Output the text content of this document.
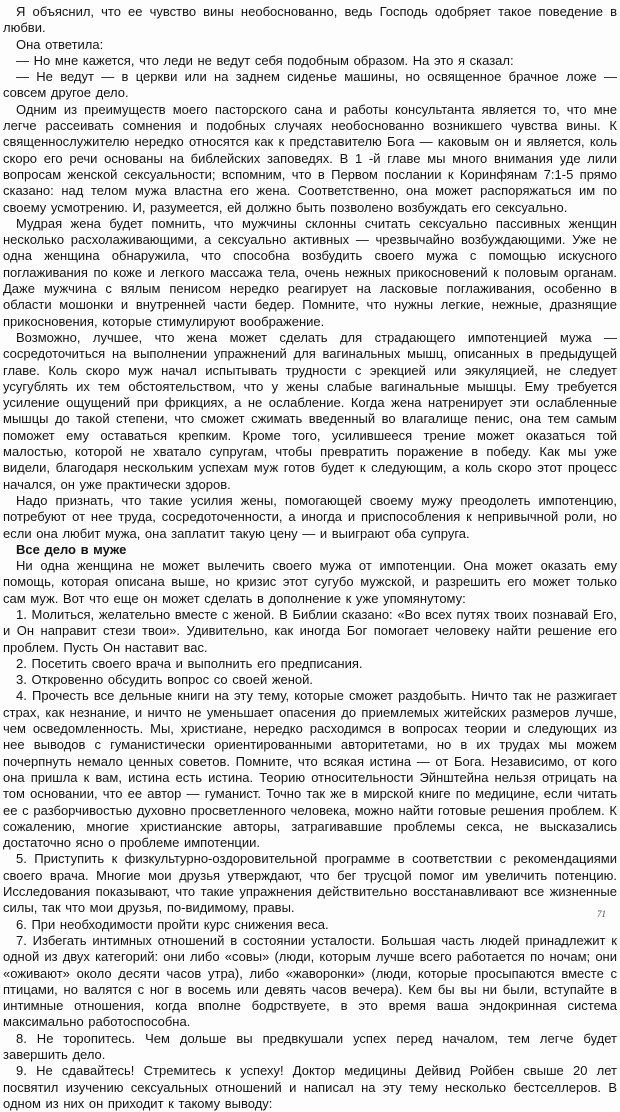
Я объяснил, что ее чувство вины необоснованно, ведь Господь одобряет такое поведение в любви.

Она ответила:

— Но мне кажется, что леди не ведут себя подобным образом. На это я сказал:

— Не ведут — в церкви или на заднем сиденье машины, но освященное брачное ложе — совсем другое дело.

Одним из преимуществ моего пасторского сана и работы консультанта является то, что мне легче рассеивать сомнения и подобных случаях необоснованно возникшего чувства вины. К священнослужителю нередко относятся как к представителю Бога — каковым он и является, коль скоро его речи основаны на библейских заповедях. В 1 -й главе мы много внимания уде лили вопросам женской сексуальности; вспомним, что в Первом послании к Коринфянам 7:1-5 прямо сказано: над телом мужа властна его жена. Соответственно, она может распоряжаться им по своему усмотрению. И, разумеется, ей должно быть позволено возбуждать его сексуально.

Мудрая жена будет помнить, что мужчины склонны считать сексуально пассивных женщин несколько расхолаживающими, а сексуально активных — чрезвычайно возбуждающими. Уже не одна женщина обнаружила, что способна возбудить своего мужа с помощью искусного поглаживания по коже и легкого массажа тела, очень нежных прикосновений к половым органам. Даже мужчина с вялым пенисом нередко реагирует на ласковые поглаживания, особенно в области мошонки и внутренней части бедер. Помните, что нужны легкие, нежные, дразнящие прикосновения, которые стимулируют воображение.

Возможно, лучшее, что жена может сделать для страдающего импотенцией мужа — сосредоточиться на выполнении упражнений для вагинальных мышц, описанных в предыдущей главе. Коль скоро муж начал испытывать трудности с эрекцией или эякуляцией, не следует усугублять их тем обстоятельством, что у жены слабые вагинальные мышцы. Ему требуется усиление ощущений при фрикциях, а не ослабление. Когда жена натренирует эти ослабленные мышцы до такой степени, что сможет сжимать введенный во влагалище пенис, она тем самым поможет ему оставаться крепким. Кроме того, усилившееся трение может оказаться той малостью, которой не хватало супругам, чтобы превратить поражение в победу. Как мы уже видели, благодаря нескольким успехам муж готов будет к следующим, а коль скоро этот процесс начался, он уже практически здоров.

Надо признать, что такие усилия жены, помогающей своему мужу преодолеть импотенцию, потребуют от нее труда, сосредоточенности, а иногда и приспособления к непривычной роли, но если она любит мужа, она заплатит такую цену — и выиграют оба супруга.

Все дело в муже

Ни одна женщина не может вылечить своего мужа от импотенции. Она может оказать ему помощь, которая описана выше, но кризис этот сугубо мужской, и разрешить его может только сам муж. Вот что еще он может сделать в дополнение к уже упомянутому:

1. Молиться, желательно вместе с женой. В Библии сказано: «Во всех путях твоих познавай Его, и Он направит стези твои». Удивительно, как иногда Бог помогает человеку найти решение его проблем. Пусть Он наставит вас.

2. Посетить своего врача и выполнить его предписания.

3. Откровенно обсудить вопрос со своей женой.

4. Прочесть все дельные книги на эту тему, которые сможет раздобыть. Ничто так не разжигает страх, как незнание, и ничто не уменьшает опасения до приемлемых житейских размеров лучше, чем осведомленность. Мы, христиане, нередко расходимся в вопросах теории и следующих из нее выводов с гуманистически ориентированными авторитетами, но в их трудах мы можем почерпнуть немало ценных советов. Помните, что всякая истина — от Бога. Независимо, от кого она пришла к вам, истина есть истина. Теорию относительности Эйнштейна нельзя отрицать на том основании, что ее автор — гуманист. Точно так же в мирской книге по медицине, если читать ее с разборчивостью духовно просветленного человека, можно найти готовые решения проблем. К сожалению, многие христианские авторы, затрагивавшие проблемы секса, не высказались достаточно ясно о проблеме импотенции.

5. Приступить к физкультурно-оздоровительной программе в соответствии с рекомендациями своего врача. Многие мои друзья утверждают, что бег трусцой помог им увеличить потенцию. Исследования показывают, что такие упражнения действительно восстанавливают все жизненные силы, так что мои друзья, по-видимому, правы.

6. При необходимости пройти курс снижения веса.

7. Избегать интимных отношений в состоянии усталости. Большая часть людей принадлежит к одной из двух категорий: они либо «совы» (люди, которым лучше всего работается по ночам; они «оживают» около десяти часов утра), либо «жаворонки» (люди, которые просыпаются вместе с птицами, но валятся с ног в восемь или девять часов вечера). Кем бы вы ни были, вступайте в интимные отношения, когда вполне бодрствуете, в это время ваша эндокринная система максимально работоспособна.

8. Не торопитесь. Чем дольше вы предвкушали успех перед началом, тем легче будет завершить дело.

9. Не сдавайтесь! Стремитесь к успеху! Доктор медицины Дейвид Ройбен свыше 20 лет посвятил изучению сексуальных отношений и написал на эту тему несколько бестселлеров. В одном из них он приходит к такому выводу:

71
